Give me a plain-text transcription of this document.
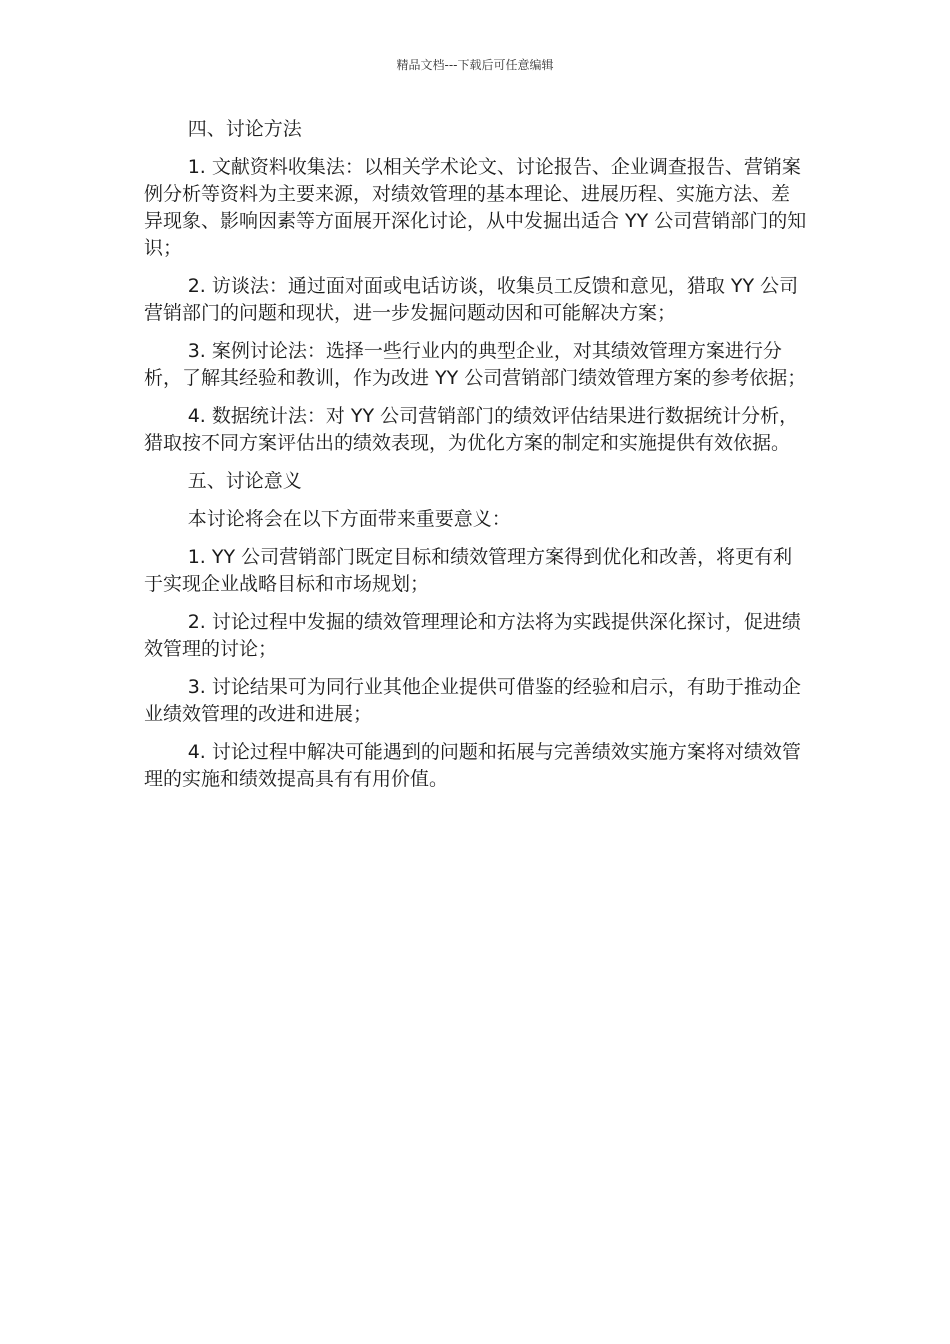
精品文档---下载后可任意编辑

四、讨论方法

1. 文献资料收集法：以相关学术论文、讨论报告、企业调查报告、营销案例分析等资料为主要来源，对绩效管理的基本理论、进展历程、实施方法、差异现象、影响因素等方面展开深化讨论，从中发掘出适合 YY 公司营销部门的知识；

2. 访谈法：通过面对面或电话访谈，收集员工反馈和意见，猎取 YY 公司营销部门的问题和现状，进一步发掘问题动因和可能解决方案；

3. 案例讨论法：选择一些行业内的典型企业，对其绩效管理方案进行分析，了解其经验和教训，作为改进 YY 公司营销部门绩效管理方案的参考依据；

4. 数据统计法：对 YY 公司营销部门的绩效评估结果进行数据统计分析，猎取按不同方案评估出的绩效表现，为优化方案的制定和实施提供有效依据。

五、讨论意义

本讨论将会在以下方面带来重要意义：

1. YY 公司营销部门既定目标和绩效管理方案得到优化和改善，将更有利于实现企业战略目标和市场规划；

2. 讨论过程中发掘的绩效管理理论和方法将为实践提供深化探讨，促进绩效管理的讨论；

3. 讨论结果可为同行业其他企业提供可借鉴的经验和启示，有助于推动企业绩效管理的改进和进展；

4. 讨论过程中解决可能遇到的问题和拓展与完善绩效实施方案将对绩效管理的实施和绩效提高具有有用价值。
